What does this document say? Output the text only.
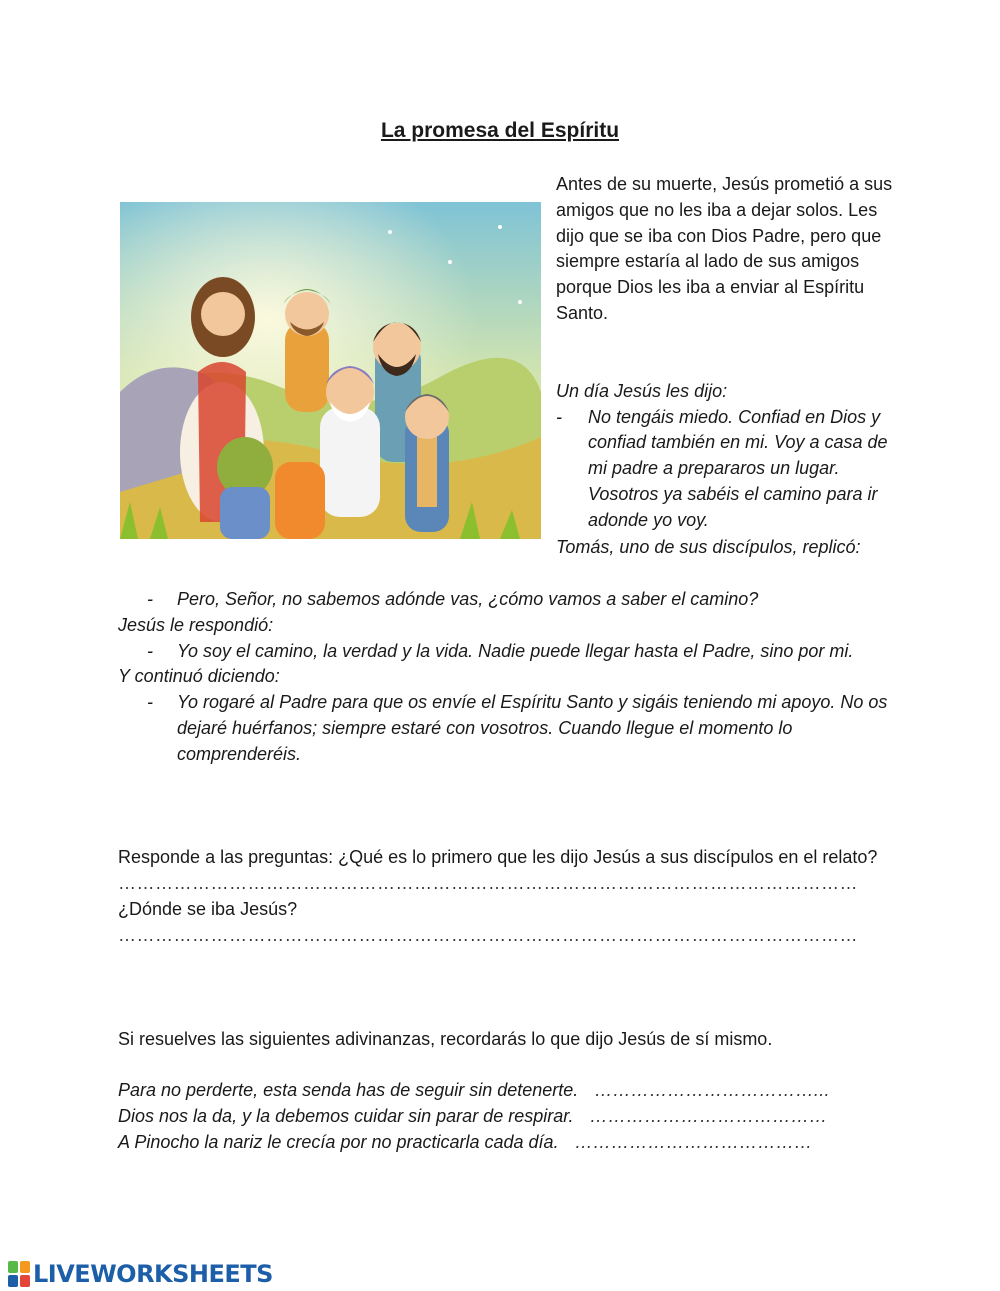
La promesa del Espíritu

Antes de su muerte, Jesús prometió a sus amigos que no les iba a dejar solos. Les dijo que se iba con Dios Padre, pero que siempre estaría al lado de sus amigos porque Dios les iba a enviar al Espíritu Santo.

Un día Jesús les dijo:

- No tengáis miedo. Confiad en Dios y confiad también en mi. Voy a casa de mi padre a prepararos un lugar. Vosotros ya sabéis el camino para ir adonde yo voy.

Tomás, uno de sus discípulos, replicó:

- Pero, Señor, no sabemos adónde vas, ¿cómo vamos a saber el camino?

Jesús le respondió:

- Yo soy el camino, la verdad y la vida. Nadie puede llegar hasta el Padre, sino por mi.

Y continuó diciendo:

- Yo rogaré al Padre para que os envíe el Espíritu Santo y sigáis teniendo mi apoyo. No os dejaré huérfanos; siempre estaré con vosotros. Cuando llegue el momento lo comprenderéis.

Responde a las preguntas: ¿Qué es lo primero que les dijo Jesús a sus discípulos en el relato?

…………………………………………………………………………………………………………

¿Dónde se iba Jesús?

…………………………………………………………………………………………………………
Si resuelves las siguientes adivinanzas, recordarás lo que dijo Jesús de sí mismo.
Para no perderte, esta senda has de seguir sin detenerte. ………………………………...
Dios nos la da, y la debemos cuidar sin parar de respirar. …………………………………
A Pinocho la nariz le crecía por no practicarla cada día. …………………………………
LIVEWORKSHEETS
